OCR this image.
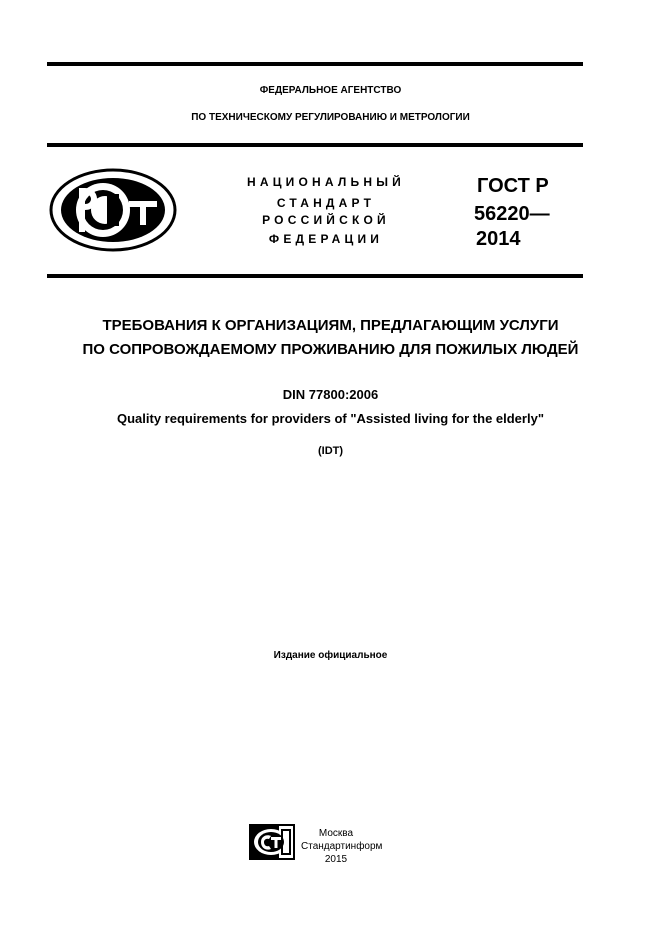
ФЕДЕРАЛЬНОЕ АГЕНТСТВО
ПО ТЕХНИЧЕСКОМУ РЕГУЛИРОВАНИЮ И МЕТРОЛОГИИ
НАЦИОНАЛЬНЫЙ
СТАНДАРТ
РОССИЙСКОЙ
ФЕДЕРАЦИИ
ГОСТ Р
56220—
2014
ТРЕБОВАНИЯ К ОРГАНИЗАЦИЯМ, ПРЕДЛАГАЮЩИМ УСЛУГИ
ПО СОПРОВОЖДАЕМОМУ ПРОЖИВАНИЮ ДЛЯ ПОЖИЛЫХ ЛЮДЕЙ
DIN 77800:2006
Quality requirements for providers of "Assisted living for the elderly"
(IDT)
Издание официальное
Москва
Стандартинформ
2015
